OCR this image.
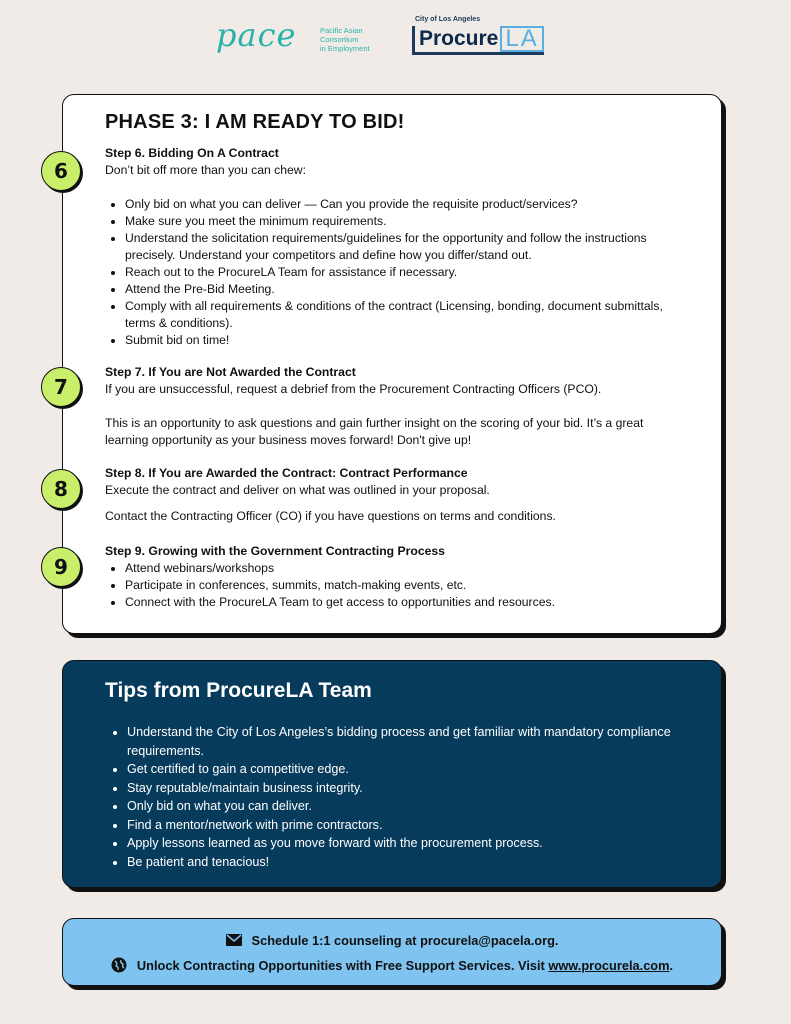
pace	Pacific Asian
Consortium
in Employment
City of Los Angeles
Procure LA
PHASE 3: I AM READY TO BID!
6
Step 6. Bidding On A Contract

Don’t bit off more than you can chew:

• Only bid on what you can deliver — Can you provide the requisite product/services?
• Make sure you meet the minimum requirements.
• Understand the solicitation requirements/guidelines for the opportunity and follow the instructions precisely. Understand your competitors and define how you differ/stand out.
• Reach out to the ProcureLA Team for assistance if necessary.
• Attend the Pre-Bid Meeting.
• Comply with all requirements & conditions of the contract (Licensing, bonding, document submittals, terms & conditions).
• Submit bid on time!
7
Step 7. If You are Not Awarded the Contract

If you are unsuccessful, request a debrief from the Procurement Contracting Officers (PCO).

This is an opportunity to ask questions and gain further insight on the scoring of your bid. It’s a great learning opportunity as your business moves forward! Don't give up!

8
Step 8. If You are Awarded the Contract: Contract Performance

Execute the contract and deliver on what was outlined in your proposal.

Contact the Contracting Officer (CO) if you have questions on terms and conditions.

9
Step 9. Growing with the Government Contracting Process
• Attend webinars/workshops
• Participate in conferences, summits, match-making events, etc.
• Connect with the ProcureLA Team to get access to opportunities and resources.
Tips from ProcureLA Team
• Understand the City of Los Angeles’s bidding process and get familiar with mandatory compliance requirements.
• Get certified to gain a competitive edge.
• Stay reputable/maintain business integrity.
• Only bid on what you can deliver.
• Find a mentor/network with prime contractors.
• Apply lessons learned as you move forward with the procurement process.
• Be patient and tenacious!
Schedule 1:1 counseling at procurela@pacela.org.
Unlock Contracting Opportunities with Free Support Services. Visit www.procurela.com.
